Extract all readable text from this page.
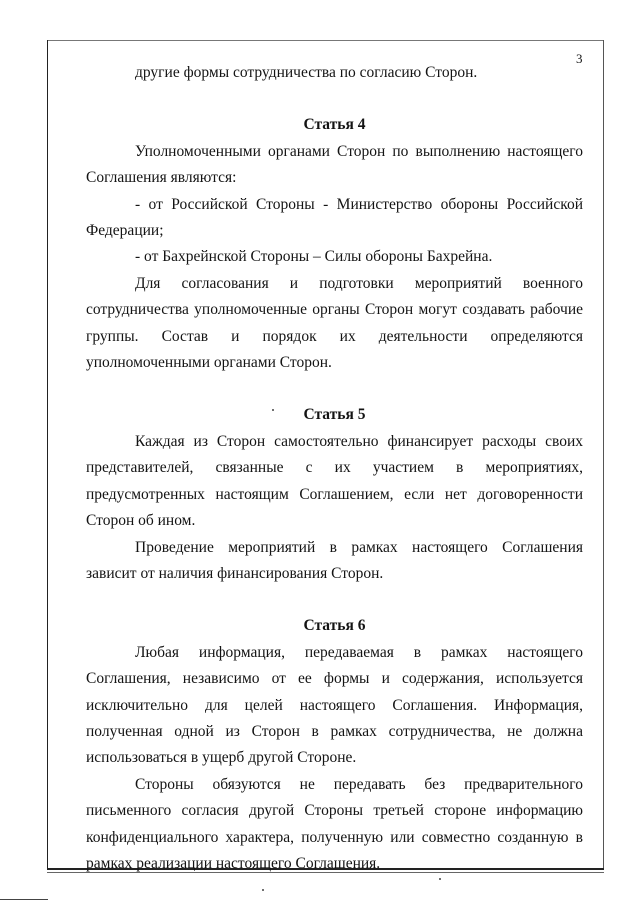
3

другие формы сотрудничества по согласию Сторон.

Статья 4

Уполномоченными органами Сторон по выполнению настоящего Соглашения являются:

- от Российской Стороны - Министерство обороны Российской Федерации;

- от Бахрейнской Стороны – Силы обороны Бахрейна.

Для согласования и подготовки мероприятий военного сотрудничества уполномоченные органы Сторон могут создавать рабочие группы. Состав и порядок их деятельности определяются уполномоченными органами Сторон.

Статья 5

Каждая из Сторон самостоятельно финансирует расходы своих представителей, связанные с их участием в мероприятиях, предусмотренных настоящим Соглашением, если нет договоренности Сторон об ином.

Проведение мероприятий в рамках настоящего Соглашения зависит от наличия финансирования Сторон.

Статья 6

Любая информация, передаваемая в рамках настоящего Соглашения, независимо от ее формы и содержания, используется исключительно для целей настоящего Соглашения. Информация, полученная одной из Сторон в рамках сотрудничества, не должна использоваться в ущерб другой Стороне.

Стороны обязуются не передавать без предварительного письменного согласия другой Стороны третьей стороне информацию конфиденциального характера, полученную или совместно созданную в рамках реализации настоящего Соглашения.
